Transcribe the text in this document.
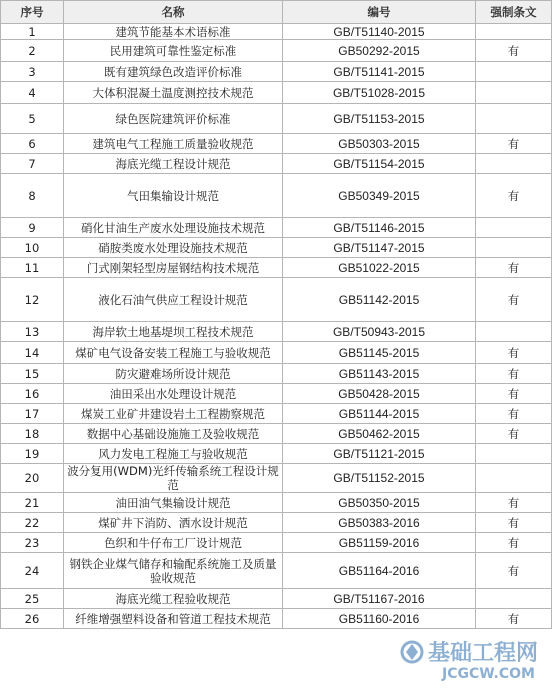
序号	名称	编号	强制条文
1	建筑节能基本术语标准	GB/T51140-2015	
2	民用建筑可靠性鉴定标准	GB50292-2015	有
3	既有建筑绿色改造评价标准	GB/T51141-2015	
4	大体积混凝土温度测控技术规范	GB/T51028-2015	
5	绿色医院建筑评价标准	GB/T51153-2015	
6	建筑电气工程施工质量验收规范	GB50303-2015	有
7	海底光缆工程设计规范	GB/T51154-2015	
8	气田集输设计规范	GB50349-2015	有
9	硝化甘油生产废水处理设施技术规范	GB/T51146-2015	
10	硝胺类废水处理设施技术规范	GB/T51147-2015	
11	门式刚架轻型房屋钢结构技术规范	GB51022-2015	有
12	液化石油气供应工程设计规范	GB51142-2015	有
13	海岸软土地基堤坝工程技术规范	GB/T50943-2015	
14	煤矿电气设备安装工程施工与验收规范	GB51145-2015	有
15	防灾避难场所设计规范	GB51143-2015	有
16	油田采出水处理设计规范	GB50428-2015	有
17	煤炭工业矿井建设岩土工程勘察规范	GB51144-2015	有
18	数据中心基础设施施工及验收规范	GB50462-2015	有
19	风力发电工程施工与验收规范	GB/T51121-2015	
20	波分复用(WDM)光纤传输系统工程设计规范	GB/T51152-2015	
21	油田油气集输设计规范	GB50350-2015	有
22	煤矿井下消防、洒水设计规范	GB50383-2016	有
23	色织和牛仔布工厂设计规范	GB51159-2016	有
24	钢铁企业煤气储存和输配系统施工及质量验收规范	GB51164-2016	有
25	海底光缆工程验收规范	GB/T51167-2016	
26	纤维增强塑料设备和管道工程技术规范	GB51160-2016	有
基础工程网
JCGCW.COM
